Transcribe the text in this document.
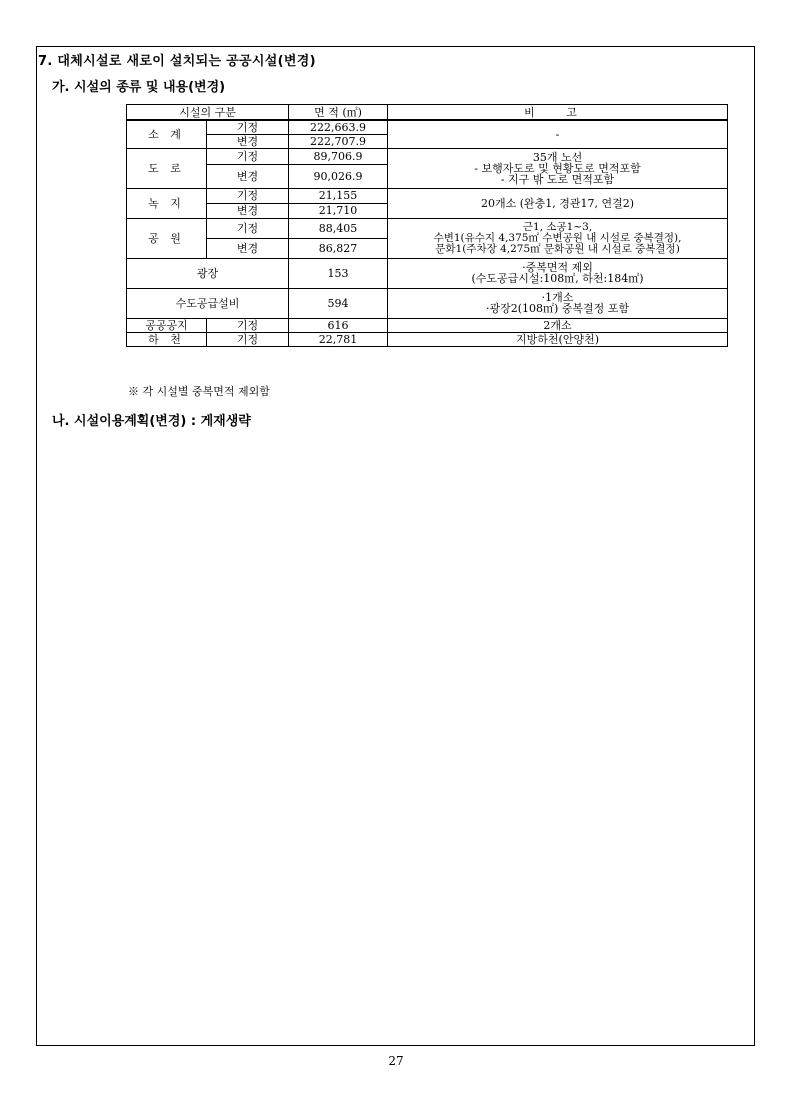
7. 대체시설로 새로이 설치되는 공공시설(변경)
가. 시설의 종류 및 내용(변경)
시설의 구분		면 적 (㎡)	비 고
소 계	기정	222,663.9	-
	변경	222,707.9	
도 로	기정	89,706.9	35개 노선
- 보행자도로 및 현황도로 면적포함
- 지구 밖 도로 면적포함

	변경	90,026.9	
녹 지	기정	21,155	20개소 (완충1, 경관17, 연결2)
	변경	21,710	
공 원	기정	88,405	근1, 소공1~3,
수변1(유수지 4,375㎡ 수변공원 내 시설로 중복결정),
문화1(주차장 4,275㎡ 문화공원 내 시설로 중복결정)

	변경	86,827	
광장		153	·중복면적 제외
(수도공급시설:108㎡, 하천:184㎡)

수도공급설비		594	·1개소
·광장2(108㎡) 중복결정 포함

공공공지	기정	616	2개소
하 천	기정	22,781	지방하천(안양천)
※ 각 시설별 중복면적 제외함
나. 시설이용계획(변경) : 게재생략
27
